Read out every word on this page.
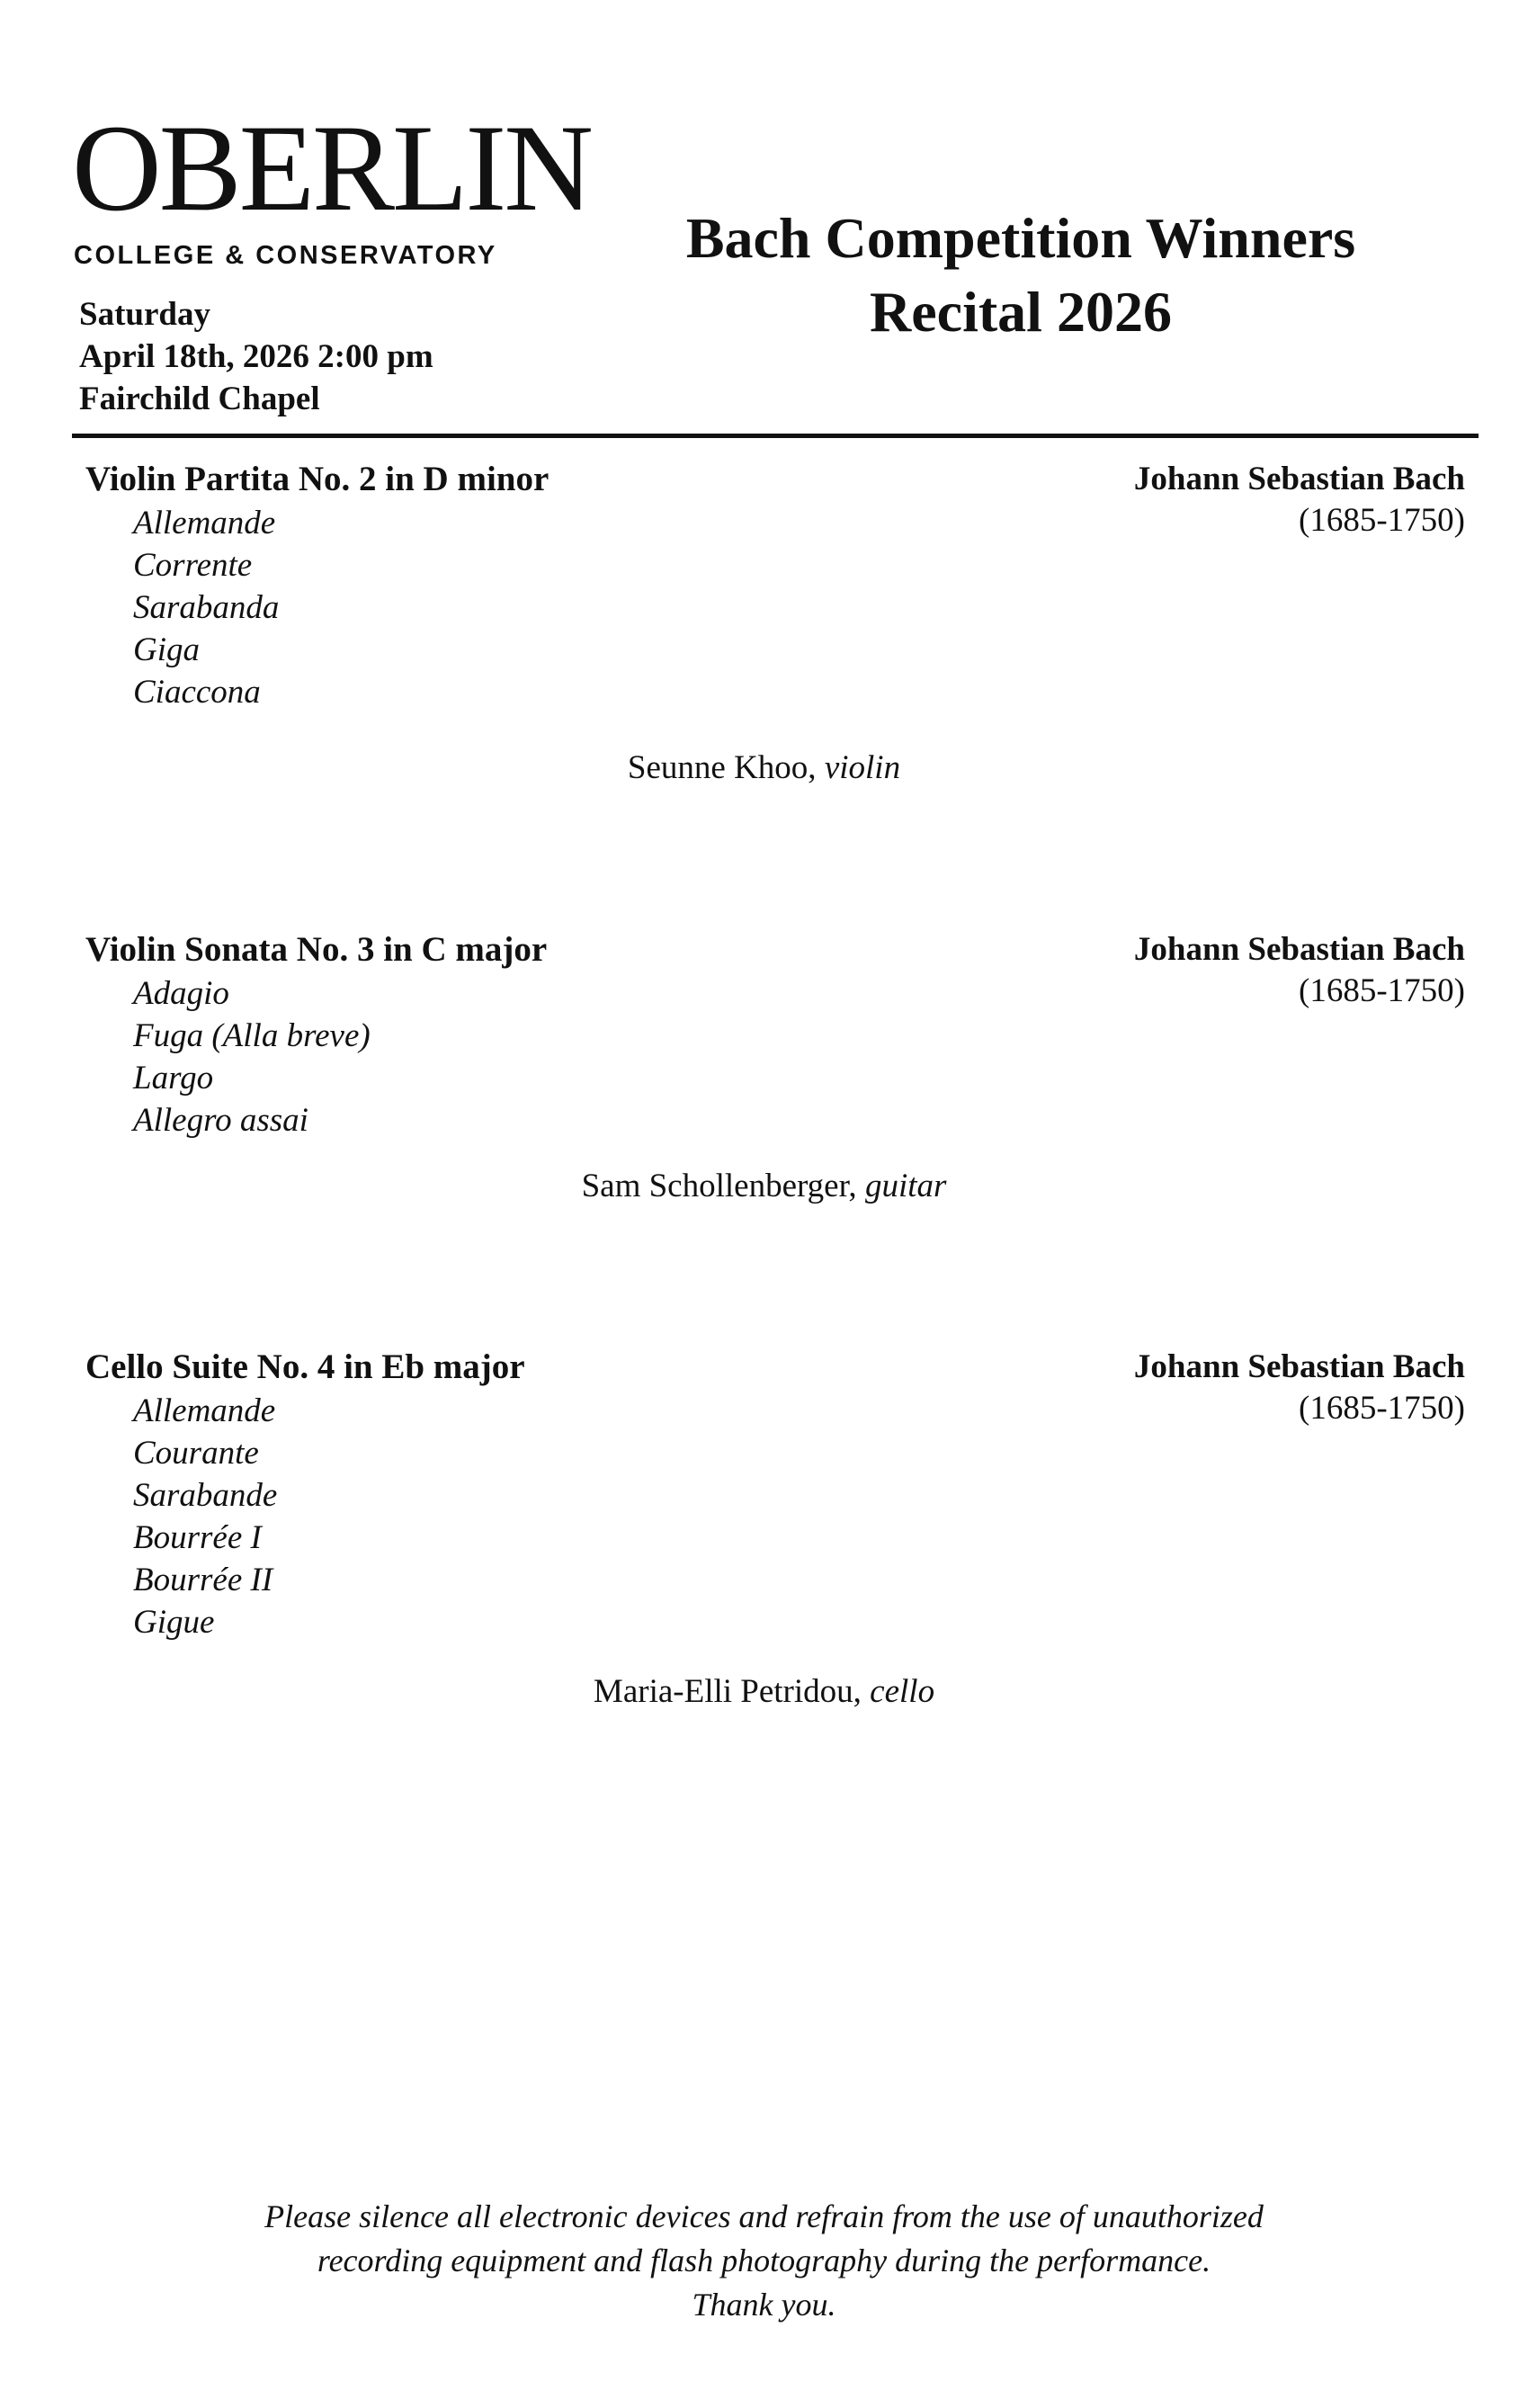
OBERLIN
COLLEGE & CONSERVATORY
Saturday
April 18th, 2026 2:00 pm
Fairchild Chapel
Bach Competition Winners
Recital 2026
Violin Partita No. 2 in D minor	Johann Sebastian Bach
(1685-1750)
Allemande
Corrente
Sarabanda
Giga
Ciaccona
Seunne Khoo, violin
Violin Sonata No. 3 in C major	Johann Sebastian Bach
(1685-1750)
Adagio
Fuga (Alla breve)
Largo
Allegro assai
Sam Schollenberger, guitar
Cello Suite No. 4 in Eb major	Johann Sebastian Bach
(1685-1750)
Allemande
Courante
Sarabande
Bourrée I
Bourrée II
Gigue
Maria-Elli Petridou, cello
Please silence all electronic devices and refrain from the use of unauthorized
recording equipment and flash photography during the performance.
Thank you.
